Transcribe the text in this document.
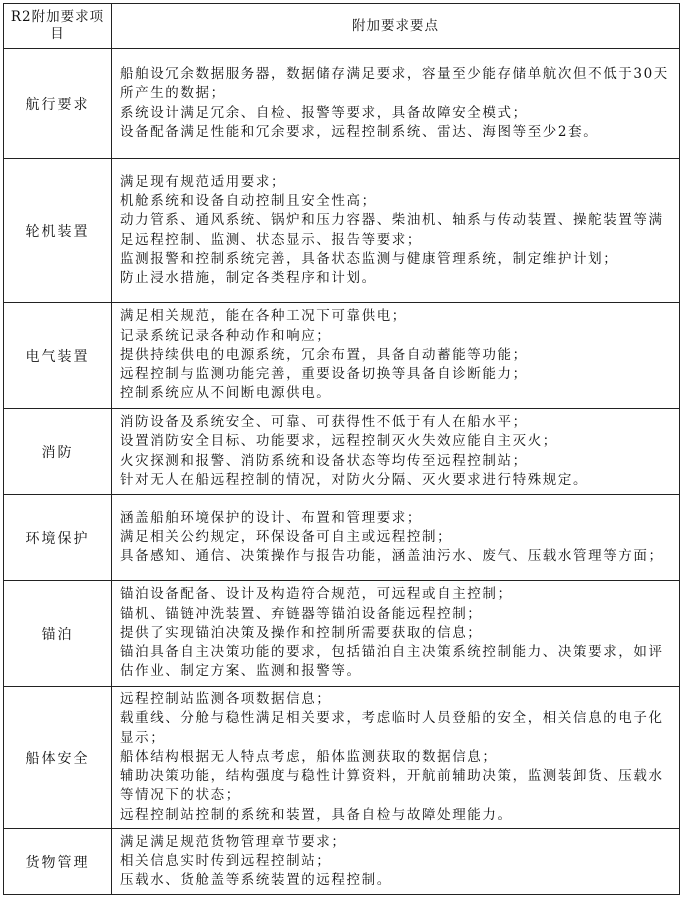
R2附加要求项目	附加要求要点
航行要求	船舶设冗余数据服务器，数据储存满足要求，容量至少能存储单航次但不低于30天所产生的数据；
系统设计满足冗余、自检、报警等要求，具备故障安全模式；
设备配备满足性能和冗余要求，远程控制系统、雷达、海图等至少2套。

轮机装置	满足现有规范适用要求；
机舱系统和设备自动控制且安全性高；
动力管系、通风系统、锅炉和压力容器、柴油机、轴系与传动装置、操舵装置等满足远程控制、监测、状态显示、报告等要求；
监测报警和控制系统完善，具备状态监测与健康管理系统，制定维护计划；
防止浸水措施，制定各类程序和计划。

电气装置	满足相关规范，能在各种工况下可靠供电；
记录系统记录各种动作和响应；
提供持续供电的电源系统，冗余布置，具备自动蓄能等功能；
远程控制与监测功能完善，重要设备切换等具备自诊断能力；
控制系统应从不间断电源供电。

消防	消防设备及系统安全、可靠、可获得性不低于有人在船水平；
设置消防安全目标、功能要求，远程控制灭火失效应能自主灭火；
火灾探测和报警、消防系统和设备状态等均传至远程控制站；
针对无人在船远程控制的情况，对防火分隔、灭火要求进行特殊规定。

环境保护	涵盖船舶环境保护的设计、布置和管理要求；
满足相关公约规定，环保设备可自主或远程控制；
具备感知、通信、决策操作与报告功能，涵盖油污水、废气、压载水管理等方面；

锚泊	锚泊设备配备、设计及构造符合规范，可远程或自主控制；
锚机、锚链冲洗装置、弃链器等锚泊设备能远程控制；
提供了实现锚泊决策及操作和控制所需要获取的信息；
锚泊具备自主决策功能的要求，包括锚泊自主决策系统控制能力、决策要求，如评估作业、制定方案、监测和报警等。

船体安全	远程控制站监测各项数据信息；
载重线、分舱与稳性满足相关要求，考虑临时人员登船的安全，相关信息的电子化显示；
船体结构根据无人特点考虑，船体监测获取的数据信息；
辅助决策功能，结构强度与稳性计算资料，开航前辅助决策，监测装卸货、压载水等情况下的状态；
远程控制站控制的系统和装置，具备自检与故障处理能力。

货物管理	满足满足规范货物管理章节要求；
相关信息实时传到远程控制站；
压载水、货舱盖等系统装置的远程控制。
